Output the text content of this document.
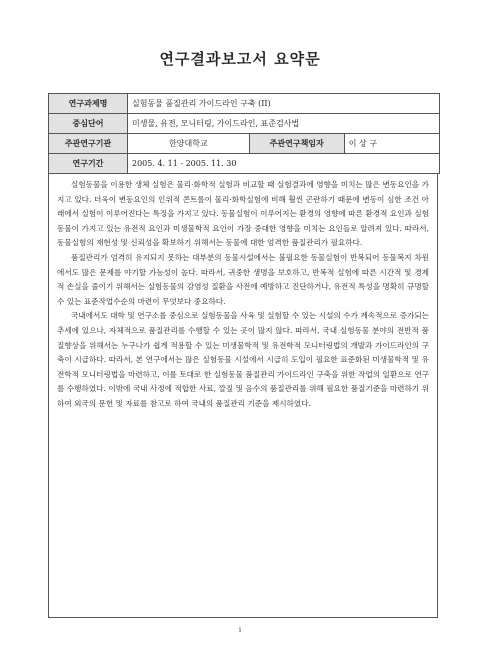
연구결과보고서 요약문
연구과제명	실험동물 품질관리 가이드라인 구축 (II)		
중심단어	미생물, 유전, 모니터링, 가이드라인, 표준검사법		
주관연구기관	한양대학교	주관연구책임자	이 상 구
연구기간	2005. 4. 11 - 2005. 11. 30		

실험동물을 이용한 생체 실험은 물리·화학적 실험과 비교할 때 실험결과에 영향을 미치는 많은 변동요인을 가지고 있다. 더욱이 변동요인의 인위적 콘트롤이 물리·화학실험에 비해 훨씬 곤란하기 때문에 변동이 심한 조건 아래에서 실험이 이루어진다는 특징을 가지고 있다. 동물실험이 이루어지는 환경의 영향에 따른 환경적 요인과 실험동물이 가지고 있는 유전적 요인과 미생물학적 요인이 가장 중대한 영향을 미치는 요인들로 알려져 있다. 따라서, 동물실험의 재현성 및 신뢰성을 확보하기 위해서는 동물에 대한 엄격한 품질관리가 필요하다.

품질관리가 엄격히 유지되지 못하는 대부분의 동물시설에서는 불필요한 동물실험이 반복되어 동물복지 차원에서도 많은 문제를 야기할 가능성이 높다. 따라서, 귀중한 생명을 보호하고, 반복적 실험에 따른 시간적 및 경제적 손실을 줄이기 위해서는 실험동물의 감염성 질환을 사전에 예방하고 진단하거나, 유전적 특성을 명확히 규명할 수 있는 표준작업수순의 마련이 무엇보다 중요하다.

국내에서도 대학 및 연구소를 중심으로 실험동물을 사육 및 실험할 수 있는 시설의 수가 계속적으로 증가되는 추세에 있으나, 자체적으로 품질관리를 수행할 수 있는 곳이 많지 않다. 따라서, 국내 실험동물 분야의 전반적 품질향상을 위해서는 누구나가 쉽게 적용할 수 있는 미생물학적 및 유전학적 모니터링법의 개발과 가이드라인의 구축이 시급하다. 따라서, 본 연구에서는 많은 실험동물 시설에서 시급히 도입이 필요한 표준화된 미생물학적 및 유전학적 모니터링법을 마련하고, 이를 토대로 한 실험동물 품질관리 가이드라인 구축을 위한 작업의 일환으로 연구를 수행하였다. 이밖에 국내 사정에 적합한 사료, 깔짚 및 음수의 품질관리를 위해 필요한 품질기준을 마련하기 위하여 외국의 문헌 및 자료를 참고로 하여 국내의 품질관리 기준을 제시하였다.

i
